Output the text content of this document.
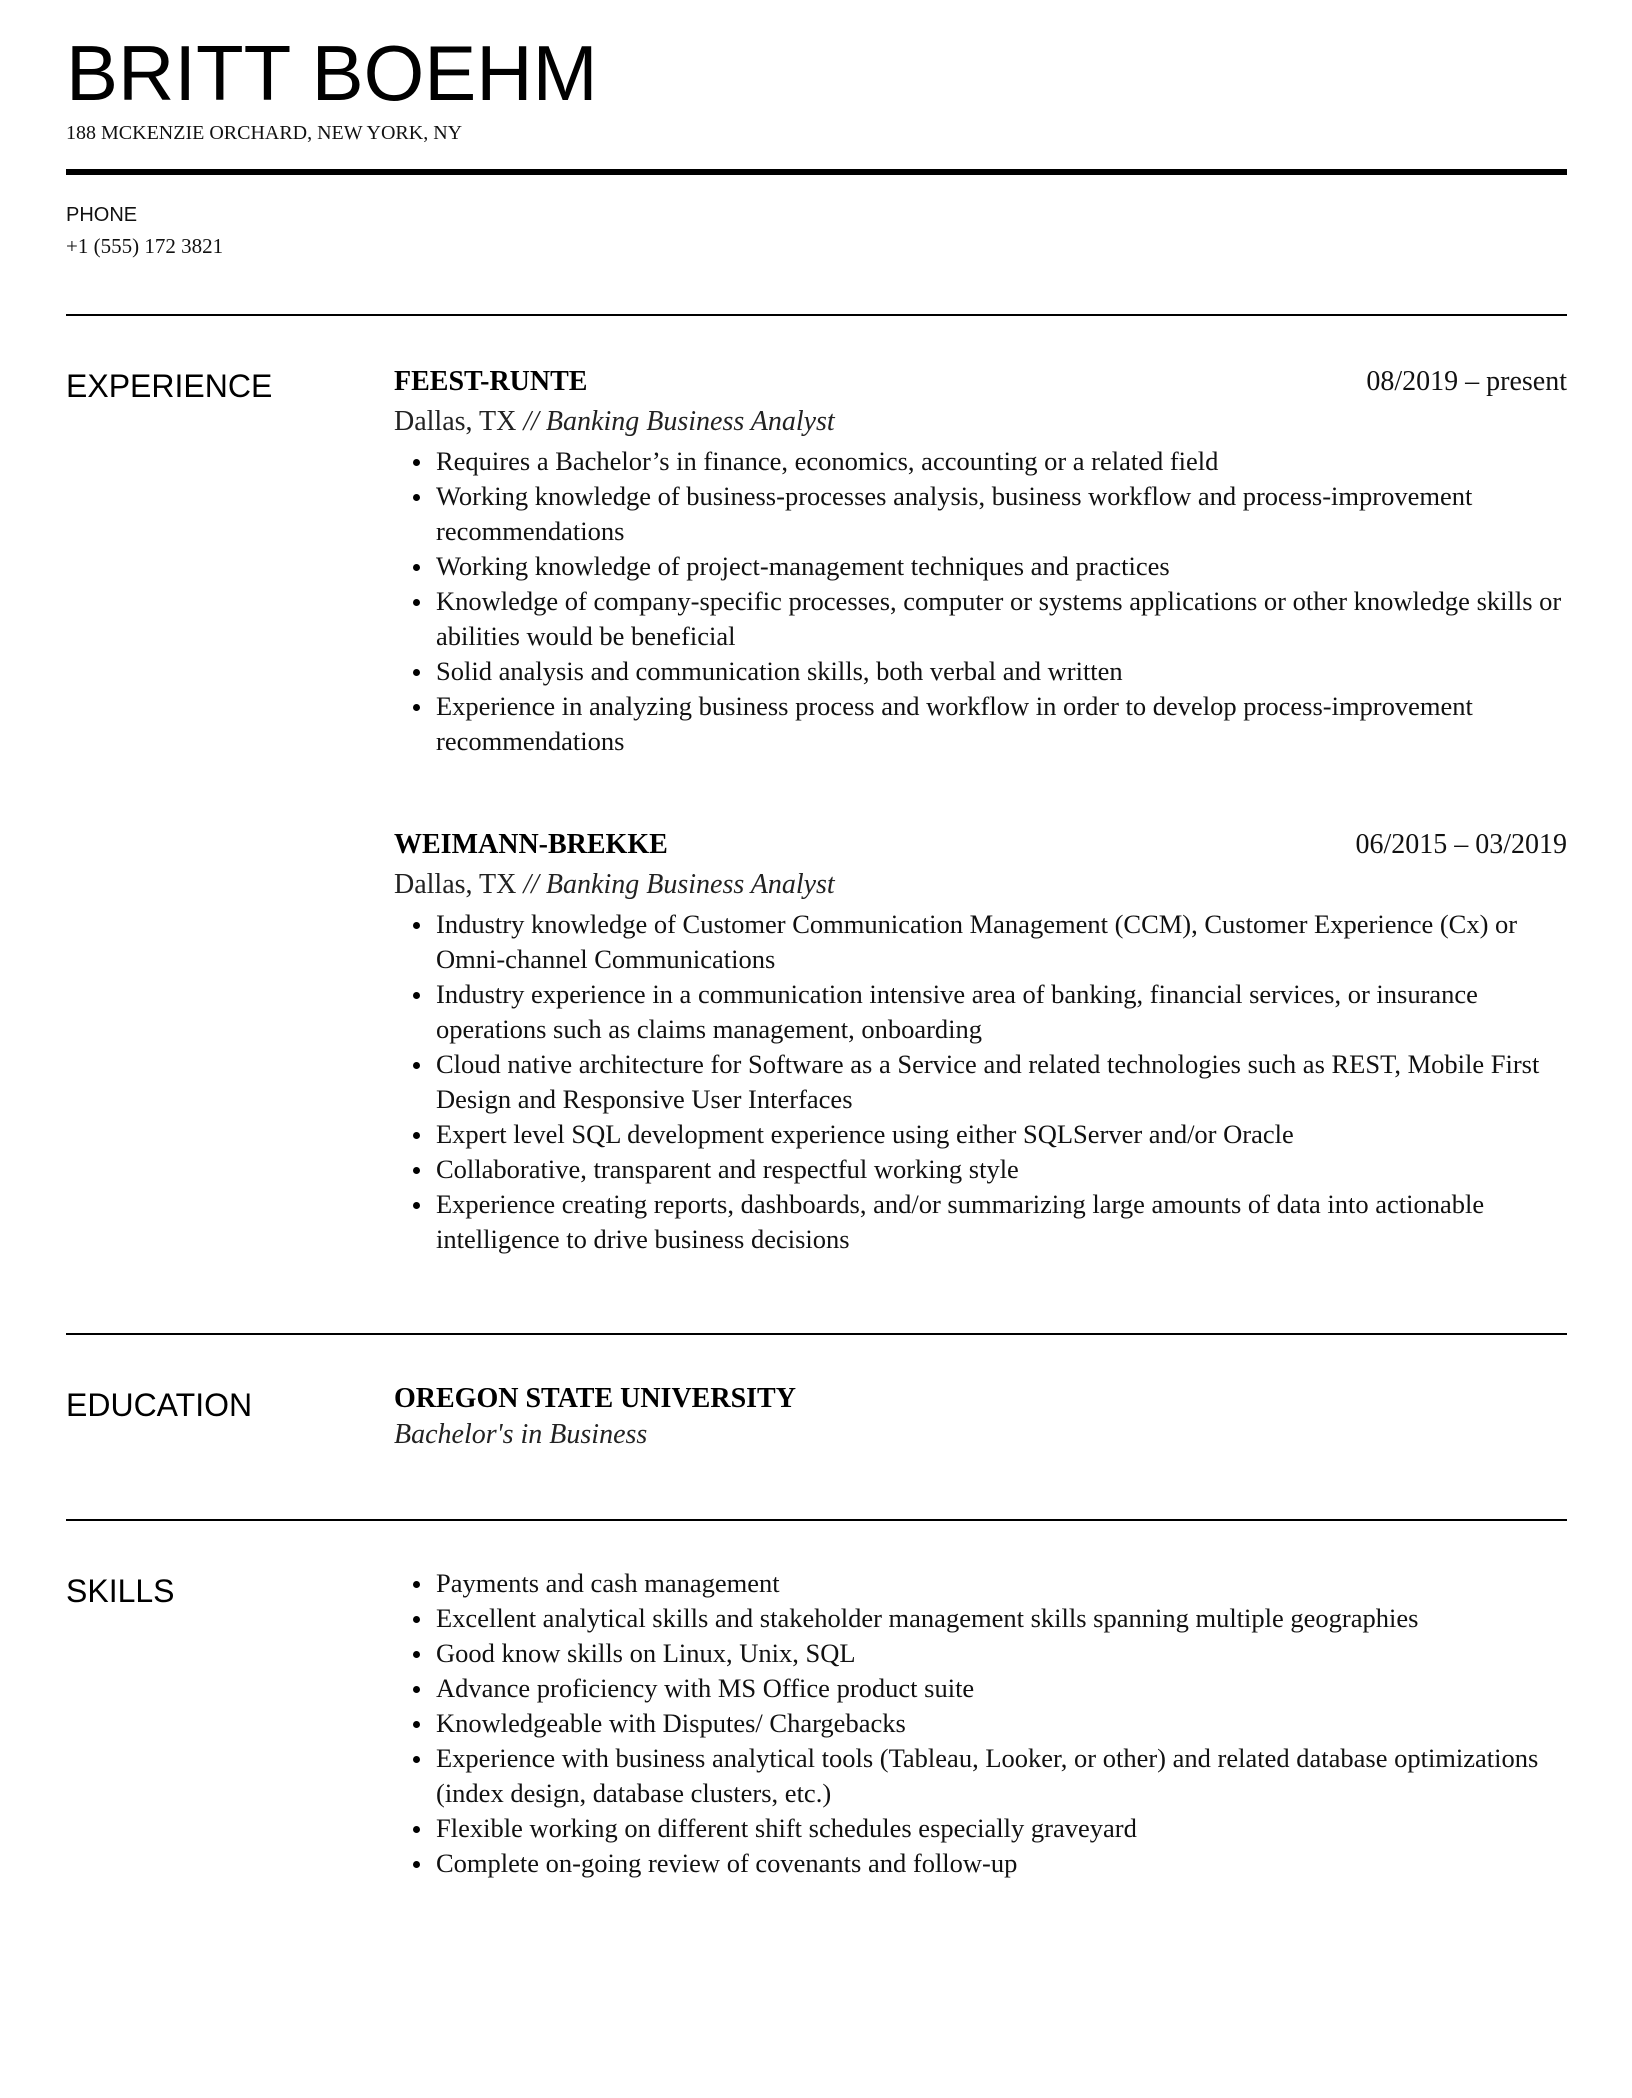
BRITT BOEHM
188 MCKENZIE ORCHARD, NEW YORK, NY
PHONE
+1 (555) 172 3821
EXPERIENCE	FEEST-RUNTE	08/2019 – present
Dallas, TX // Banking Business Analyst
Requires a Bachelor’s in finance, economics, accounting or a related field
Working knowledge of business-processes analysis, business workflow and process-improvement recommendations
Working knowledge of project-management techniques and practices
Knowledge of company-specific processes, computer or systems applications or other knowledge skills or abilities would be beneficial
Solid analysis and communication skills, both verbal and written
Experience in analyzing business process and workflow in order to develop process-improvement recommendations
WEIMANN-BREKKE	06/2015 – 03/2019
Dallas, TX // Banking Business Analyst
Industry knowledge of Customer Communication Management (CCM), Customer Experience (Cx) or Omni-channel Communications
Industry experience in a communication intensive area of banking, financial services, or insurance operations such as claims management, onboarding
Cloud native architecture for Software as a Service and related technologies such as REST, Mobile First Design and Responsive User Interfaces
Expert level SQL development experience using either SQLServer and/or Oracle
Collaborative, transparent and respectful working style
Experience creating reports, dashboards, and/or summarizing large amounts of data into actionable intelligence to drive business decisions
EDUCATION	OREGON STATE UNIVERSITY
Bachelor's in Business
SKILLS	Payments and cash management
Excellent analytical skills and stakeholder management skills spanning multiple geographies
Good know skills on Linux, Unix, SQL
Advance proficiency with MS Office product suite
Knowledgeable with Disputes/ Chargebacks
Experience with business analytical tools (Tableau, Looker, or other) and related database optimizations (index design, database clusters, etc.)
Flexible working on different shift schedules especially graveyard
Complete on-going review of covenants and follow-up
